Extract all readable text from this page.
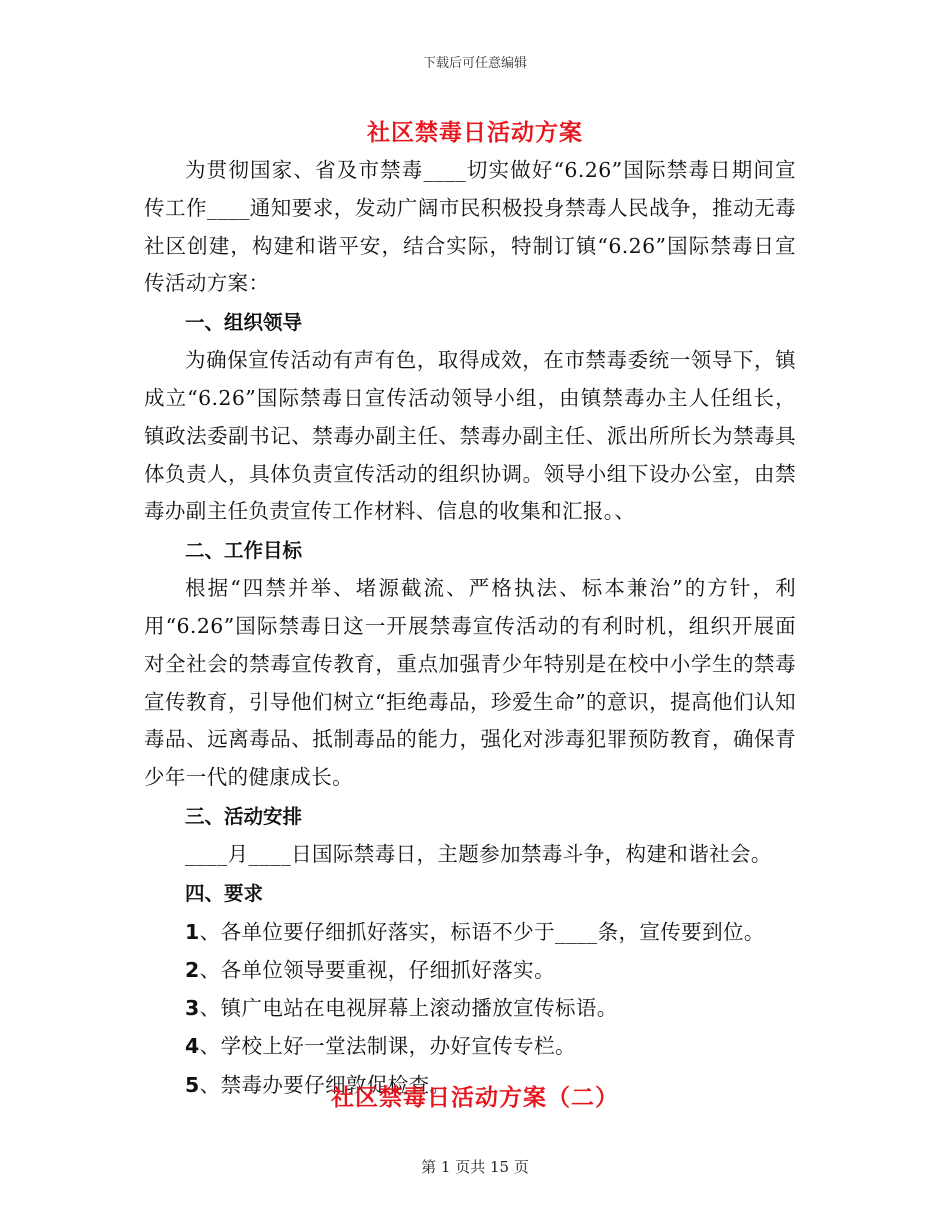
下载后可任意编辑
社区禁毒日活动方案

为贯彻国家、省及市禁毒____切实做好“6.26”国际禁毒日期间宣传工作____通知要求，发动广阔市民积极投身禁毒人民战争，推动无毒社区创建，构建和谐平安，结合实际，特制订镇“6.26”国际禁毒日宣传活动方案：

一、组织领导

为确保宣传活动有声有色，取得成效，在市禁毒委统一领导下，镇成立“6.26”国际禁毒日宣传活动领导小组，由镇禁毒办主人任组长，镇政法委副书记、禁毒办副主任、禁毒办副主任、派出所所长为禁毒具体负责人，具体负责宣传活动的组织协调。领导小组下设办公室，由禁毒办副主任负责宣传工作材料、信息的收集和汇报。、

二、工作目标

根据“四禁并举、堵源截流、严格执法、标本兼治”的方针，利用“6.26”国际禁毒日这一开展禁毒宣传活动的有利时机，组织开展面对全社会的禁毒宣传教育，重点加强青少年特别是在校中小学生的禁毒宣传教育，引导他们树立“拒绝毒品，珍爱生命”的意识，提高他们认知毒品、远离毒品、抵制毒品的能力，强化对涉毒犯罪预防教育，确保青少年一代的健康成长。

三、活动安排

____月____日国际禁毒日，主题参加禁毒斗争，构建和谐社会。

四、要求
1、各单位要仔细抓好落实，标语不少于____条，宣传要到位。
2、各单位领导要重视，仔细抓好落实。
3、镇广电站在电视屏幕上滚动播放宣传标语。
4、学校上好一堂法制课，办好宣传专栏。
5、禁毒办要仔细敦促检查。
社区禁毒日活动方案（二）
第 1 页共 15 页
